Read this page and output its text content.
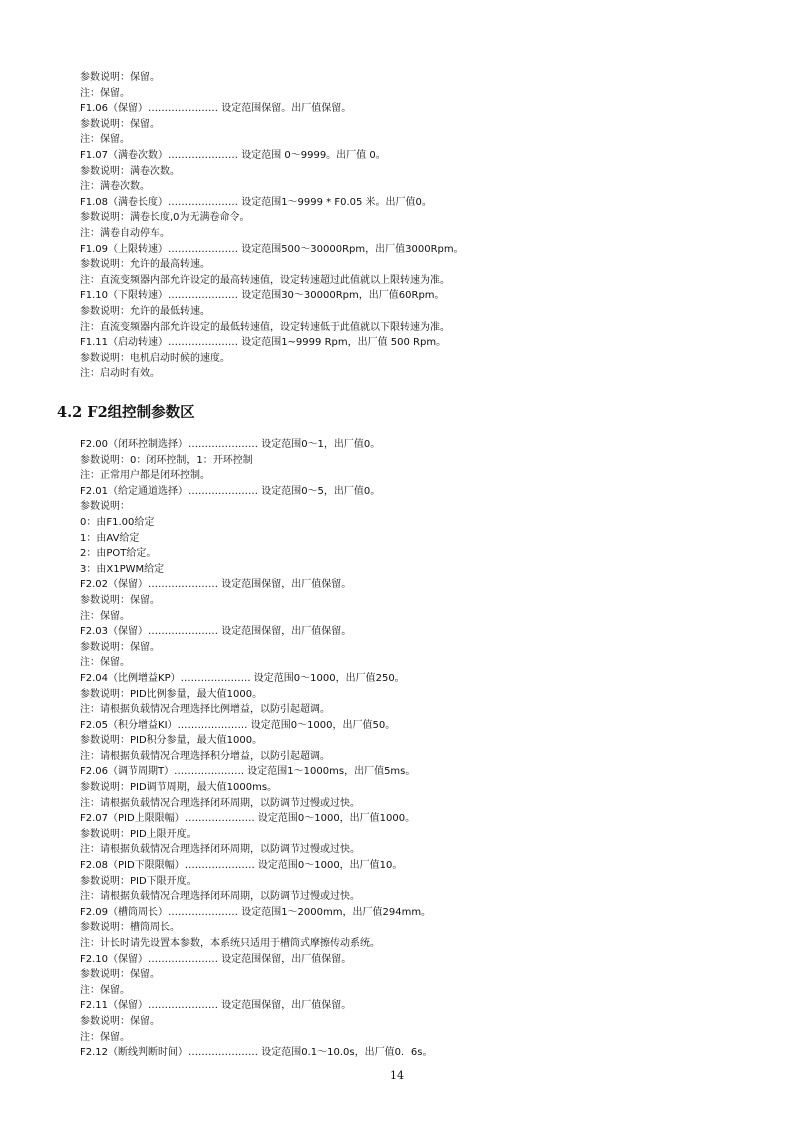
参数说明：保留。
注：保留。
F1.06（保留）………………… 设定范围保留。出厂值保留。
参数说明：保留。
注：保留。
F1.07（满卷次数）………………… 设定范围 0～9999。出厂值 0。
参数说明：满卷次数。
注：满卷次数。
F1.08（满卷长度）………………… 设定范围1～9999 * F0.05 米。出厂值0。
参数说明：满卷长度,0为无满卷命令。
注：满卷自动停车。
F1.09（上限转速）………………… 设定范围500～30000Rpm，出厂值3000Rpm。
参数说明：允许的最高转速。
注：直流变频器内部允许设定的最高转速值，设定转速超过此值就以上限转速为准。
F1.10（下限转速）………………… 设定范围30～30000Rpm，出厂值60Rpm。
参数说明：允许的最低转速。
注：直流变频器内部允许设定的最低转速值，设定转速低于此值就以下限转速为准。
F1.11（启动转速）………………… 设定范围1~9999 Rpm，出厂值 500 Rpm。
参数说明：电机启动时候的速度。
注：启动时有效。
4.2 F2组控制参数区
F2.00（闭环控制选择）………………… 设定范围0～1，出厂值0。
参数说明：0：闭环控制，1：开环控制
注：正常用户都是闭环控制。
F2.01（给定通道选择）………………… 设定范围0～5，出厂值0。
参数说明：
0：由F1.00给定
1：由AV给定
2：由POT给定。
3：由X1PWM给定
F2.02（保留）………………… 设定范围保留，出厂值保留。
参数说明：保留。
注：保留。
F2.03（保留）………………… 设定范围保留，出厂值保留。
参数说明：保留。
注：保留。
F2.04（比例增益KP）………………… 设定范围0～1000，出厂值250。
参数说明：PID比例参量，最大值1000。
注：请根据负载情况合理选择比例增益，以防引起超调。
F2.05（积分增益KI）………………… 设定范围0～1000，出厂值50。
参数说明：PID积分参量，最大值1000。
注：请根据负载情况合理选择积分增益，以防引起超调。
F2.06（调节周期T）………………… 设定范围1～1000ms，出厂值5ms。
参数说明：PID调节周期，最大值1000ms。
注：请根据负载情况合理选择闭环周期，以防调节过慢或过快。
F2.07（PID上限限幅）………………… 设定范围0～1000，出厂值1000。
参数说明：PID上限开度。
注：请根据负载情况合理选择闭环周期，以防调节过慢或过快。
F2.08（PID下限限幅）………………… 设定范围0～1000，出厂值10。
参数说明：PID下限开度。
注：请根据负载情况合理选择闭环周期，以防调节过慢或过快。
F2.09（槽筒周长）………………… 设定范围1～2000mm，出厂值294mm。
参数说明：槽筒周长。
注：计长时请先设置本参数，本系统只适用于槽筒式摩擦传动系统。
F2.10（保留）………………… 设定范围保留，出厂值保留。
参数说明：保留。
注：保留。
F2.11（保留）………………… 设定范围保留，出厂值保留。
参数说明：保留。
注：保留。
F2.12（断线判断时间）………………… 设定范围0.1～10.0s，出厂值0．6s。
14
